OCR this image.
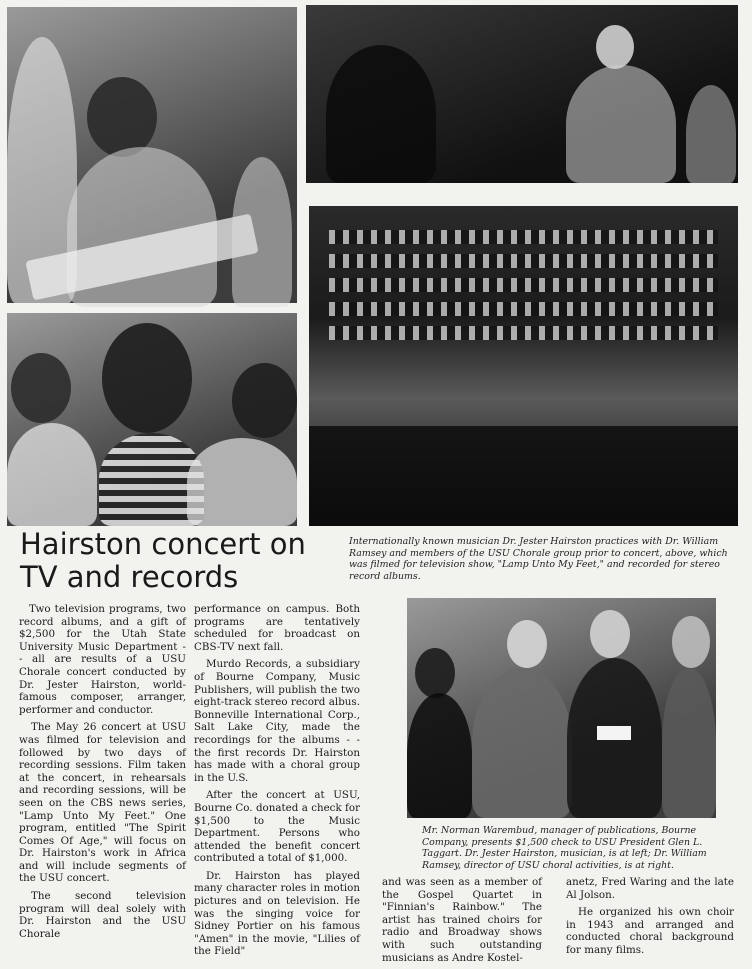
Hairston concert on TV and records
Internationally known musician Dr. Jester Hairston practices with Dr. William Ramsey and members of the USU Chorale group prior to concert, above, which was filmed for television show, "Lamp Unto My Feet," and recorded for stereo record albums.
Mr. Norman Warembud, manager of publications, Bourne Company, presents $1,500 check to USU President Glen L. Taggart. Dr. Jester Hairston, musician, is at left; Dr. William Ramsey, director of USU choral activities, is at right.

Two television programs, two record albums, and a gift of $2,500 for the Utah State University Music Department - - all are results of a USU Chorale concert conducted by Dr. Jester Hairston, world-famous composer, arranger, performer and conductor.

The May 26 concert at USU was filmed for television and followed by two days of recording sessions. Film taken at the concert, in rehearsals and recording sessions, will be seen on the CBS news series, "Lamp Unto My Feet." One program, entitled "The Spirit Comes Of Age," will focus on Dr. Hairston's work in Africa and will include segments of the USU concert.

The second television program will deal solely with Dr. Hairston and the USU Chorale

performance on campus. Both programs are tentatively scheduled for broadcast on CBS-TV next fall.

Murdo Records, a subsidiary of Bourne Company, Music Publishers, will publish the two eight-track stereo record albus. Bonneville International Corp., Salt Lake City, made the recordings for the albums - - the first records Dr. Hairston has made with a choral group in the U.S.

After the concert at USU, Bourne Co. donated a check for $1,500 to the Music Department. Persons who attended the benefit concert contributed a total of $1,000.

Dr. Hairston has played many character roles in motion pictures and on television. He was the singing voice for Sidney Portier on his famous "Amen" in the movie, "Lilies of the Field"

and was seen as a member of the Gospel Quartet in "Finnian's Rainbow." The artist has trained choirs for radio and Broadway shows with such outstanding musicians as Andre Kostel-

anetz, Fred Waring and the late Al Jolson.

He organized his own choir in 1943 and arranged and conducted choral background for many films.
